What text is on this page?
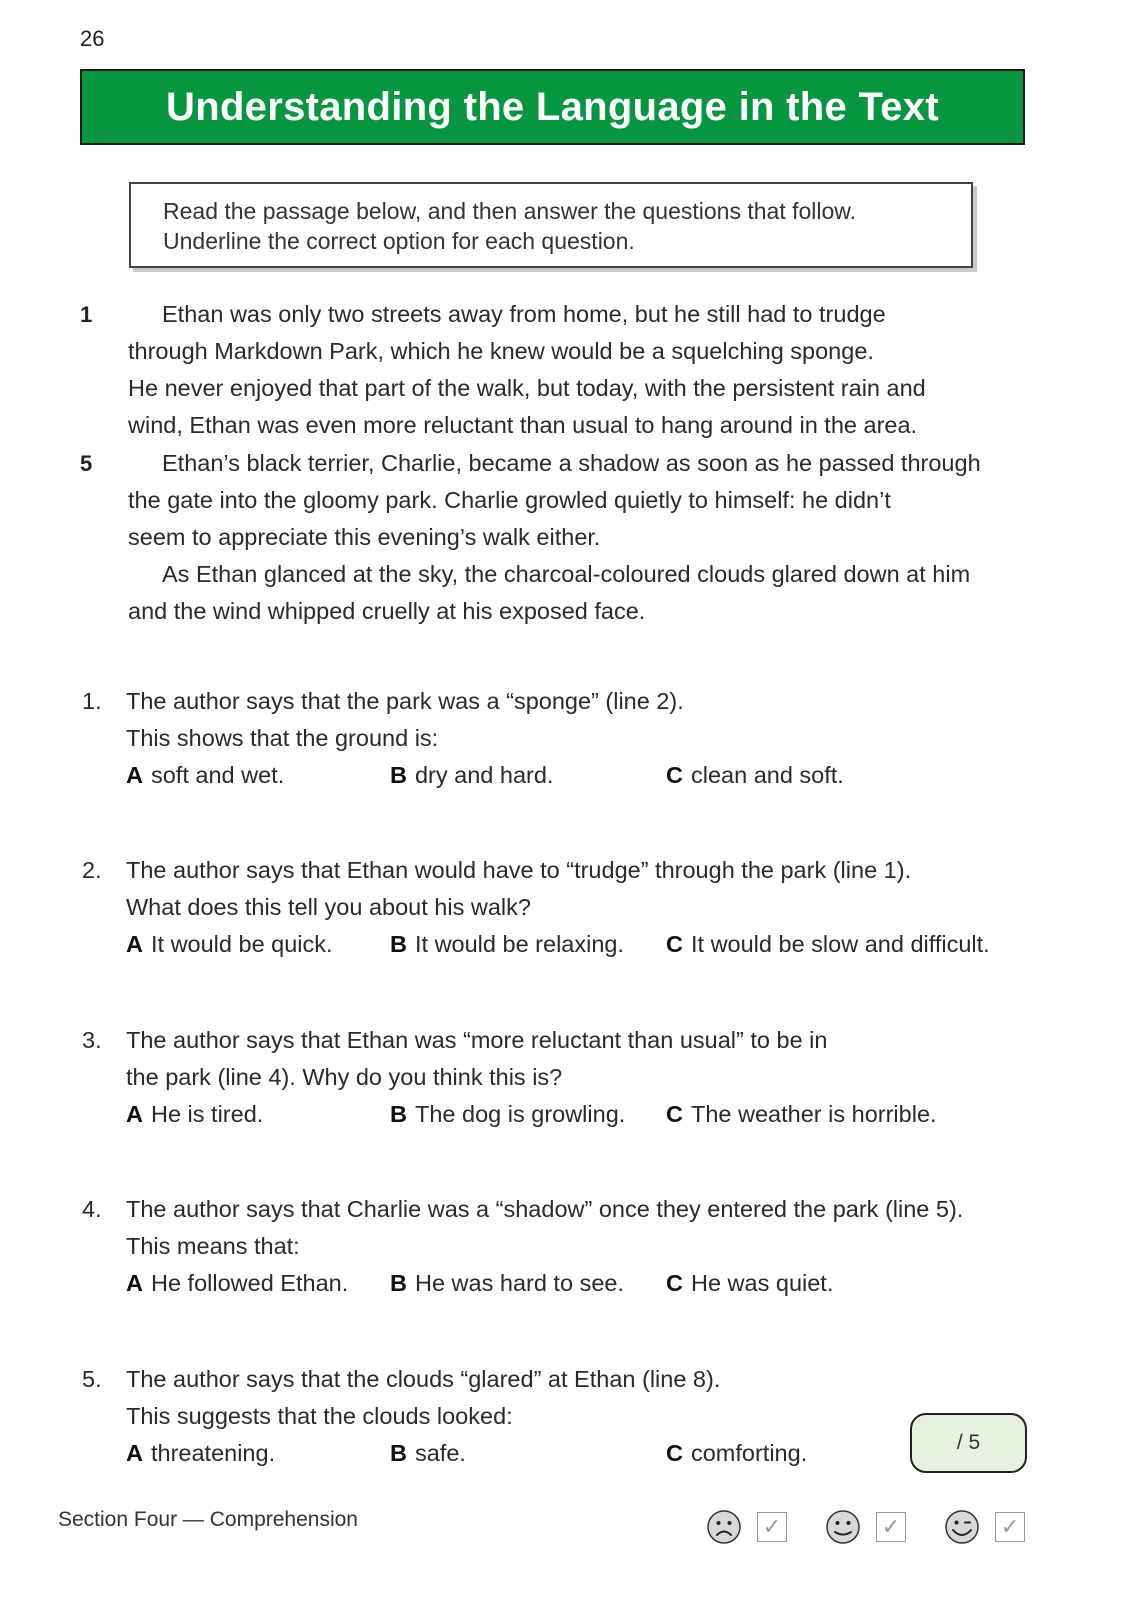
26
Understanding the Language in the Text
Read the passage below, and then answer the questions that follow.
Underline the correct option for each question.
1
5
Ethan was only two streets away from home, but he still had to trudge
through Markdown Park, which he knew would be a squelching sponge.
He never enjoyed that part of the walk, but today, with the persistent rain and
wind, Ethan was even more reluctant than usual to hang around in the area.
Ethan’s black terrier, Charlie, became a shadow as soon as he passed through
the gate into the gloomy park. Charlie growled quietly to himself: he didn’t
seem to appreciate this evening’s walk either.
As Ethan glanced at the sky, the charcoal-coloured clouds glared down at him
and the wind whipped cruelly at his exposed face.
1. The author says that the park was a “sponge” (line 2).
This shows that the ground is:
A soft and wet.	B dry and hard.	C clean and soft.
2. The author says that Ethan would have to “trudge” through the park (line 1).
What does this tell you about his walk?
A It would be quick. B It would be relaxing. C It would be slow and difficult.
3. The author says that Ethan was “more reluctant than usual” to be in
the park (line 4). Why do you think this is?
A He is tired.	B The dog is growling. C The weather is horrible.
4. The author says that Charlie was a “shadow” once they entered the park (line 5).
This means that:
A He followed Ethan. B He was hard to see. C He was quiet.
5. The author says that the clouds “glared” at Ethan (line 8).
This suggests that the clouds looked:
A threatening.	B safe.	C comforting.	/ 5
Section Four — Comprehension	✓	✓	✓
